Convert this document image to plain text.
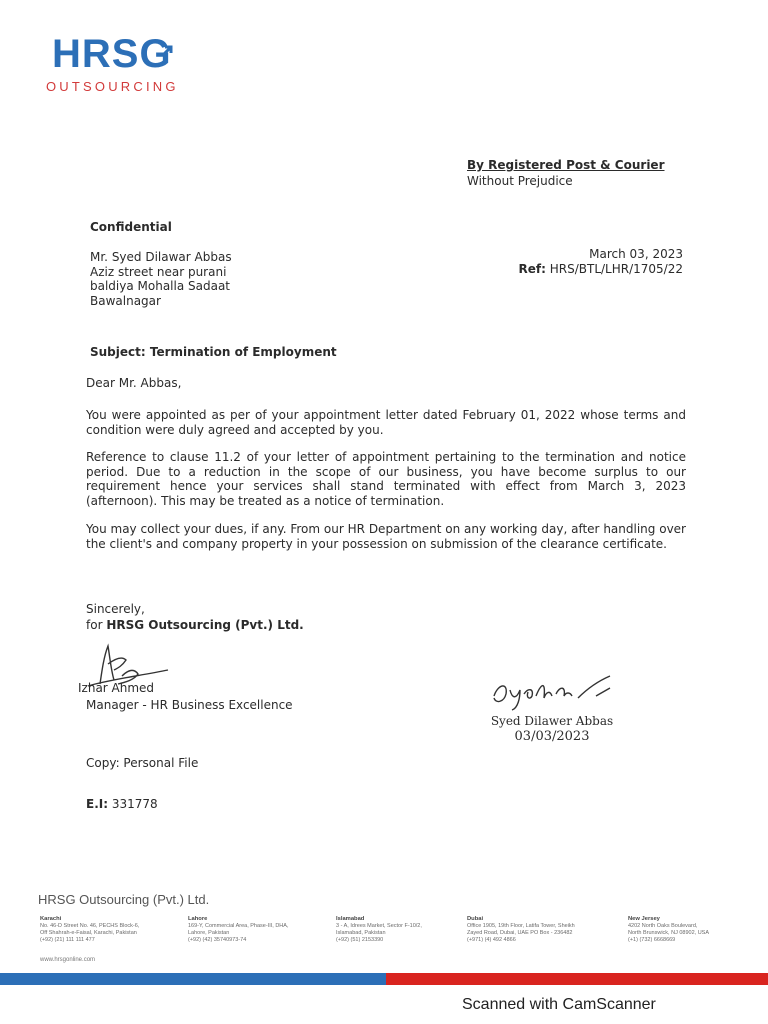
HRSG
OUTSOURCING
By Registered Post & Courier
Without Prejudice
Confidential
Mr. Syed Dilawar Abbas
Aziz street near purani
baldiya Mohalla Sadaat
Bawalnagar
March 03, 2023
Ref: HRS/BTL/LHR/1705/22
Subject: Termination of Employment
Dear Mr. Abbas,
You were appointed as per of your appointment letter dated February 01, 2022 whose terms and condition were duly agreed and accepted by you.
Reference to clause 11.2 of your letter of appointment pertaining to the termination and notice period. Due to a reduction in the scope of our business, you have become surplus to our requirement hence your services shall stand terminated with effect from March 3, 2023 (afternoon). This may be treated as a notice of termination.
You may collect your dues, if any. From our HR Department on any working day, after handling over the client's and company property in your possession on submission of the clearance certificate.
Sincerely,
for HRSG Outsourcing (Pvt.) Ltd.
Izhar Ahmed
Manager - HR Business Excellence
Syed Dilawer Abbas
03/03/2023
Copy: Personal File
E.I: 331778
HRSG Outsourcing (Pvt.) Ltd.
Karachi
No. 46-D Street No. 46, PECHS Block-6,
Off Shahrah-e-Faisal, Karachi, Pakistan
(+92) (21) 111 111 477
Lahore
169-Y, Commercial Area, Phase-III, DHA,
Lahore, Pakistan
(+92) (42) 35740973-74
Islamabad
3 - A, Idrees Market, Sector F-10/2,
Islamabad, Pakistan
(+92) (51) 2153390
Dubai
Office 1905, 19th Floor, Latifa Tower, Sheikh
Zayed Road, Dubai, UAE PO Box - 236482
(+971) (4) 492 4866
New Jersey
4202 North Oaks Boulevard,
North Brunswick, NJ 08902, USA
(+1) (732) 6668669
www.hrsgonline.com
Scanned with CamScanner
